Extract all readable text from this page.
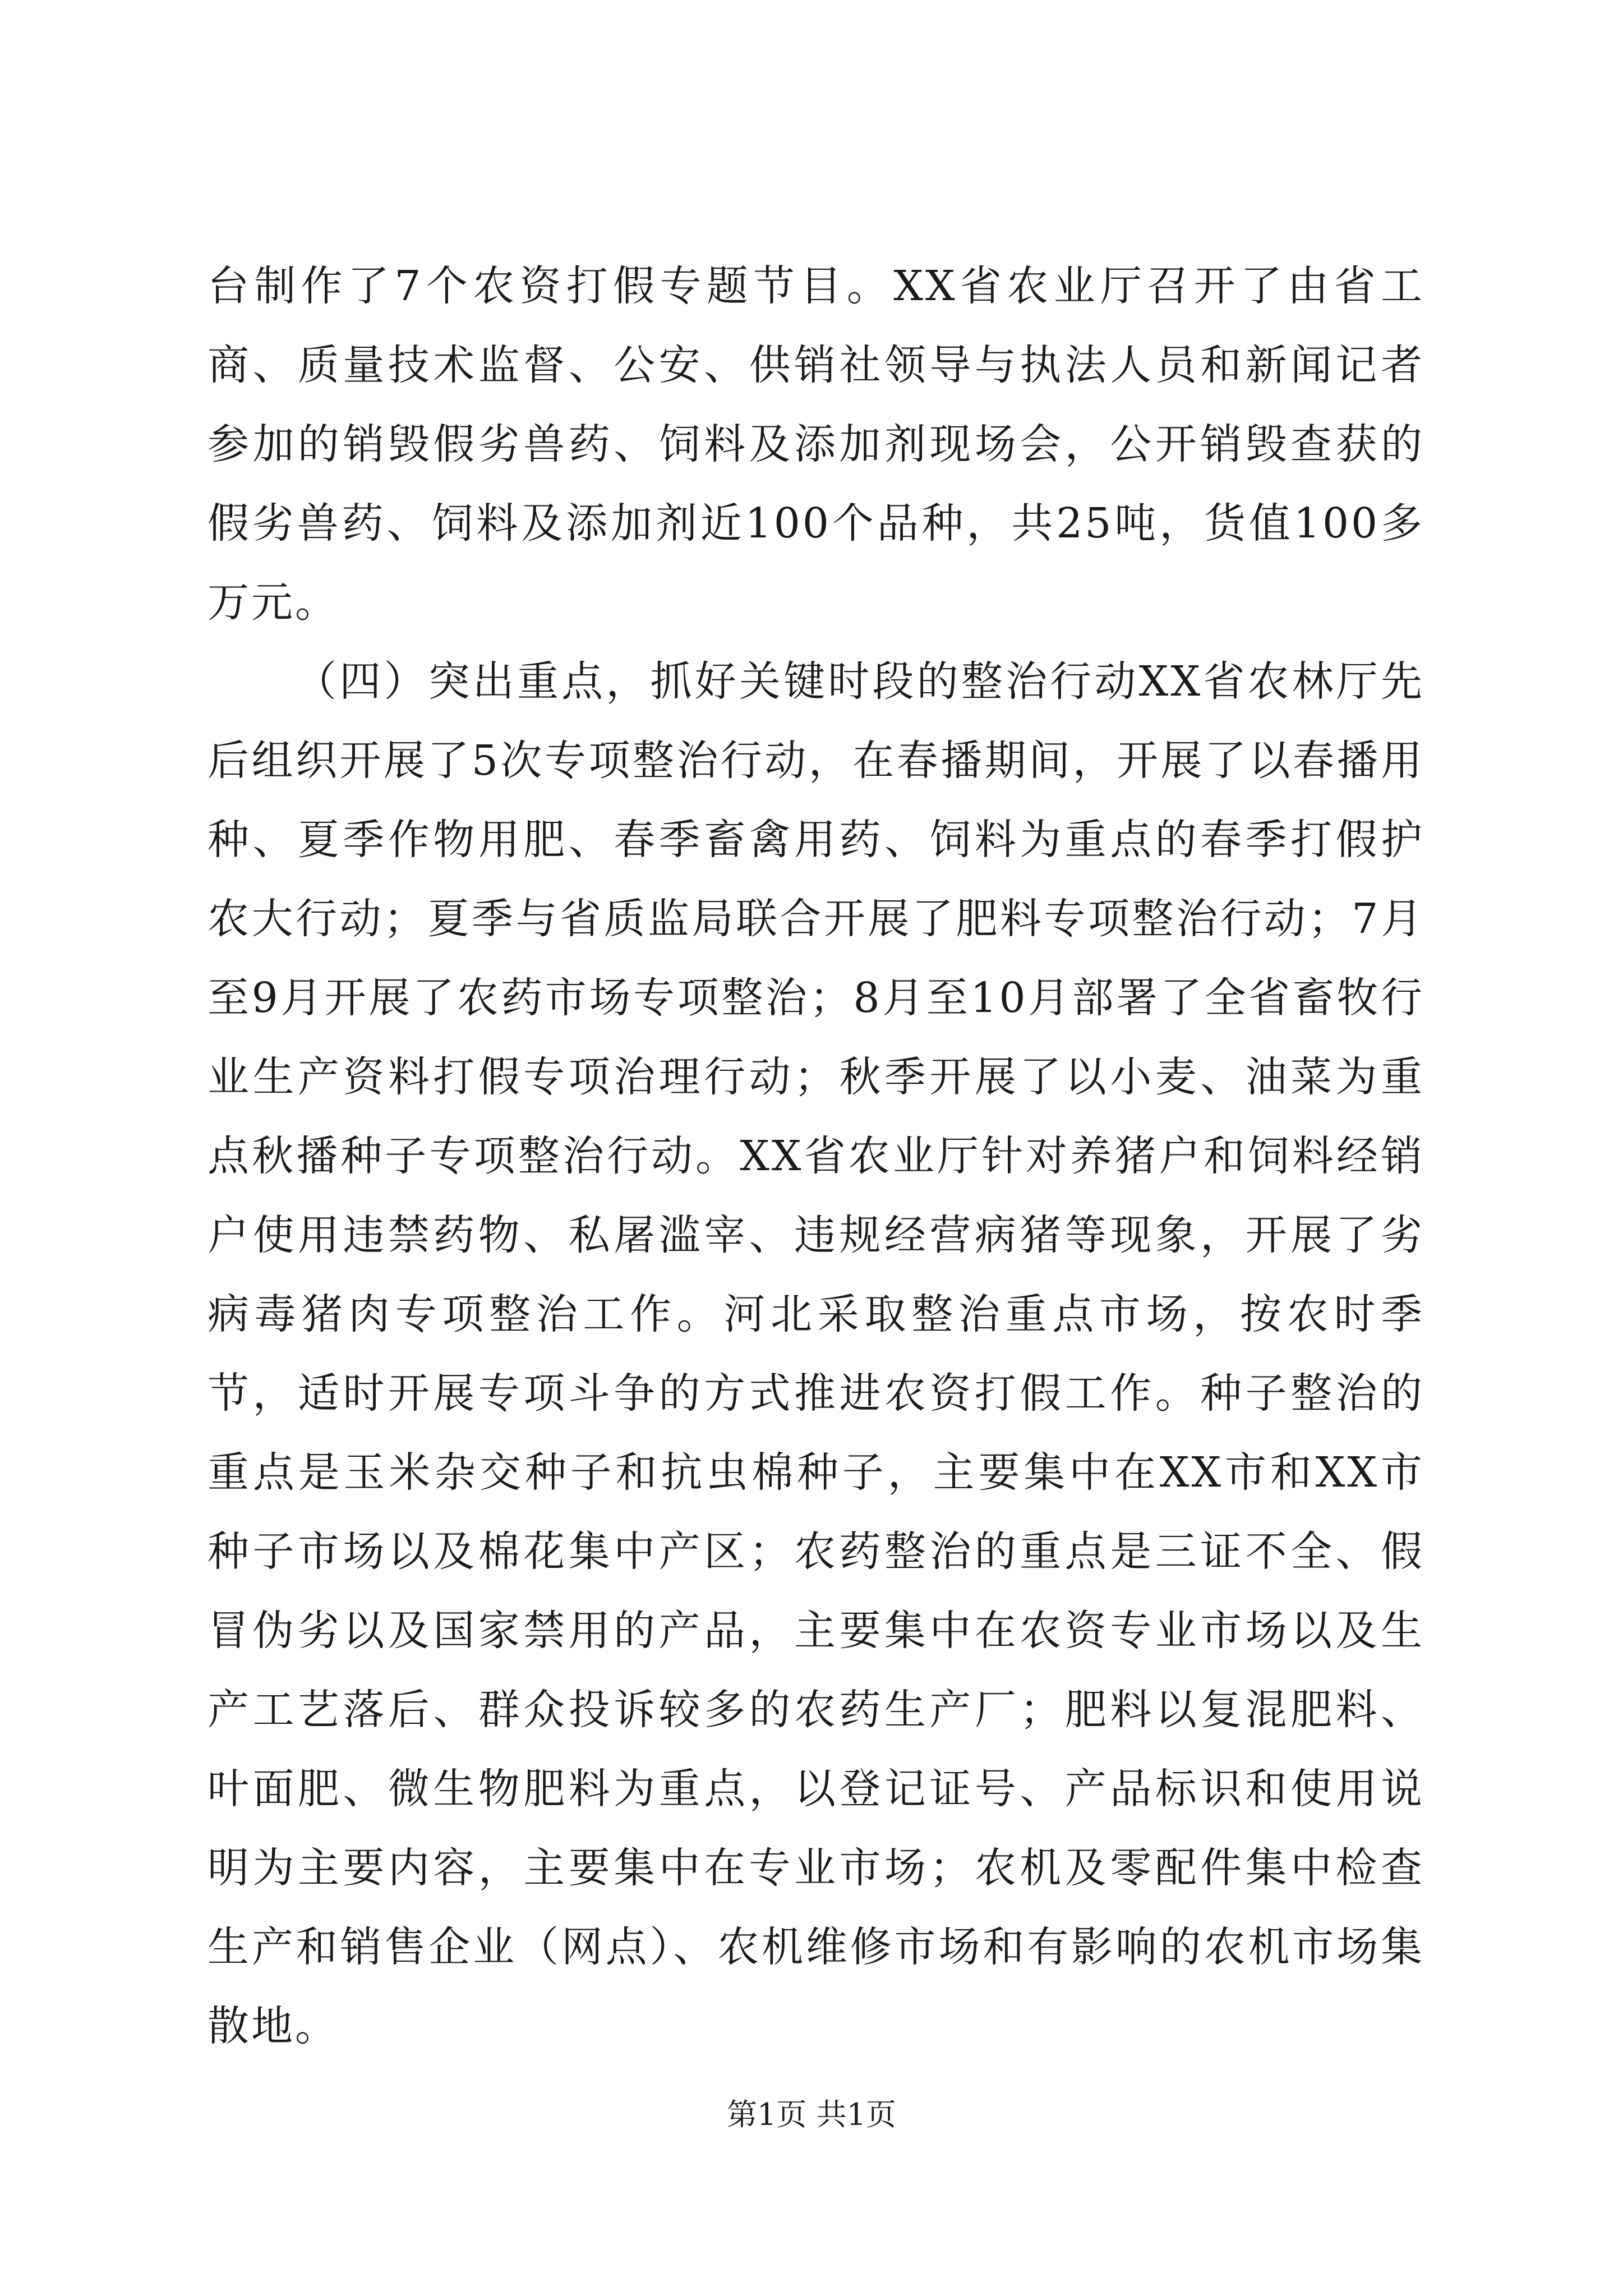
台制作了7个农资打假专题节目。XX省农业厅召开了由省工商、质量技术监督、公安、供销社领导与执法人员和新闻记者参加的销毁假劣兽药、饲料及添加剂现场会，公开销毁查获的假劣兽药、饲料及添加剂近100个品种，共25吨，货值100多万元。

（四）突出重点，抓好关键时段的整治行动XX省农林厅先后组织开展了5次专项整治行动，在春播期间，开展了以春播用种、夏季作物用肥、春季畜禽用药、饲料为重点的春季打假护农大行动；夏季与省质监局联合开展了肥料专项整治行动；7月至9月开展了农药市场专项整治；8月至10月部署了全省畜牧行业生产资料打假专项治理行动；秋季开展了以小麦、油菜为重点秋播种子专项整治行动。XX省农业厅针对养猪户和饲料经销户使用违禁药物、私屠滥宰、违规经营病猪等现象，开展了劣病毒猪肉专项整治工作。河北采取整治重点市场，按农时季节，适时开展专项斗争的方式推进农资打假工作。种子整治的重点是玉米杂交种子和抗虫棉种子，主要集中在XX市和XX市种子市场以及棉花集中产区；农药整治的重点是三证不全、假冒伪劣以及国家禁用的产品，主要集中在农资专业市场以及生产工艺落后、群众投诉较多的农药生产厂；肥料以复混肥料、叶面肥、微生物肥料为重点，以登记证号、产品标识和使用说明为主要内容，主要集中在专业市场；农机及零配件集中检查生产和销售企业（网点）、农机维修市场和有影响的农机市场集散地。

第1页 共1页
